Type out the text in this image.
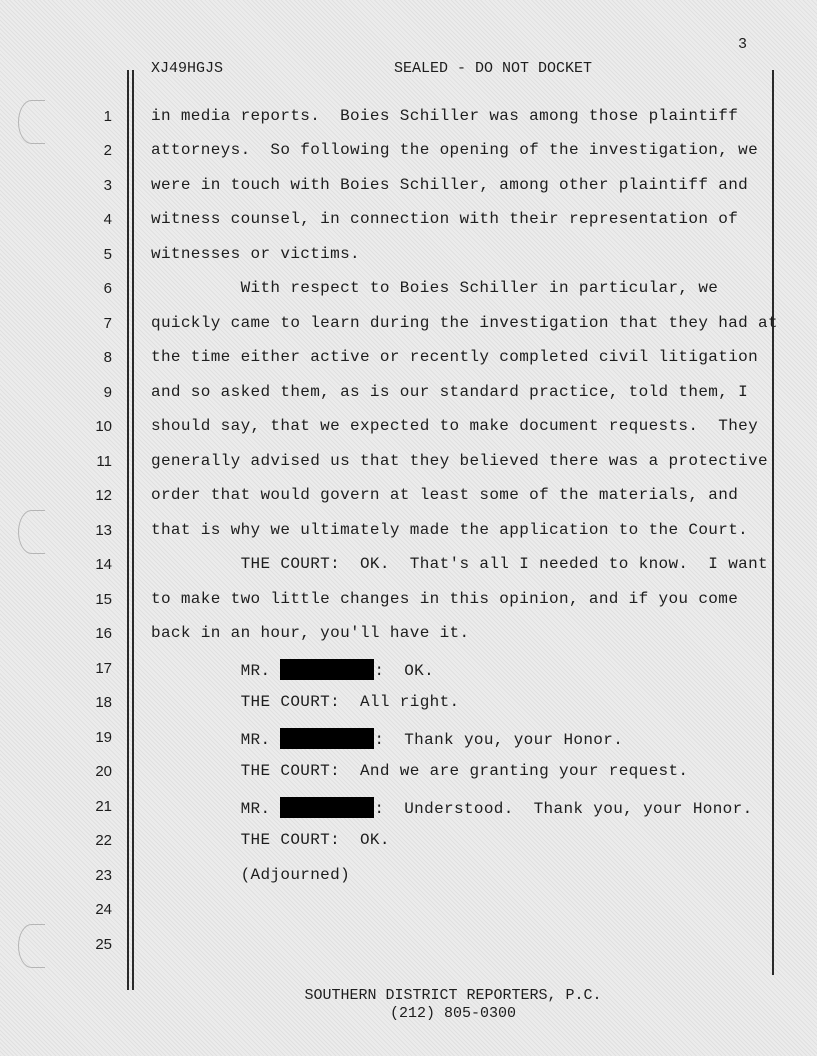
3
XJ49HGJS	SEALED - DO NOT DOCKET
1
2
3
4
5
6
7
8
9
10
11
12
13
14
15
16
17
18
19
20
21
22
23
24
25
in media reports.  Boies Schiller was among those plaintiff
attorneys.  So following the opening of the investigation, we
were in touch with Boies Schiller, among other plaintiff and
witness counsel, in connection with their representation of
witnesses or victims.
With respect to Boies Schiller in particular, we
quickly came to learn during the investigation that they had at
the time either active or recently completed civil litigation
and so asked them, as is our standard practice, told them, I
should say, that we expected to make document requests.  They
generally advised us that they believed there was a protective
order that would govern at least some of the materials, and
that is why we ultimately made the application to the Court.
THE COURT:  OK.  That's all I needed to know.  I want
to make two little changes in this opinion, and if you come
back in an hour, you'll have it.
MR.	:  OK.
THE COURT:  All right.
MR.	:  Thank you, your Honor.
THE COURT:  And we are granting your request.
MR.	:  Understood.  Thank you, your Honor.
THE COURT:  OK.
(Adjourned)
SOUTHERN DISTRICT REPORTERS, P.C.
(212) 805-0300
